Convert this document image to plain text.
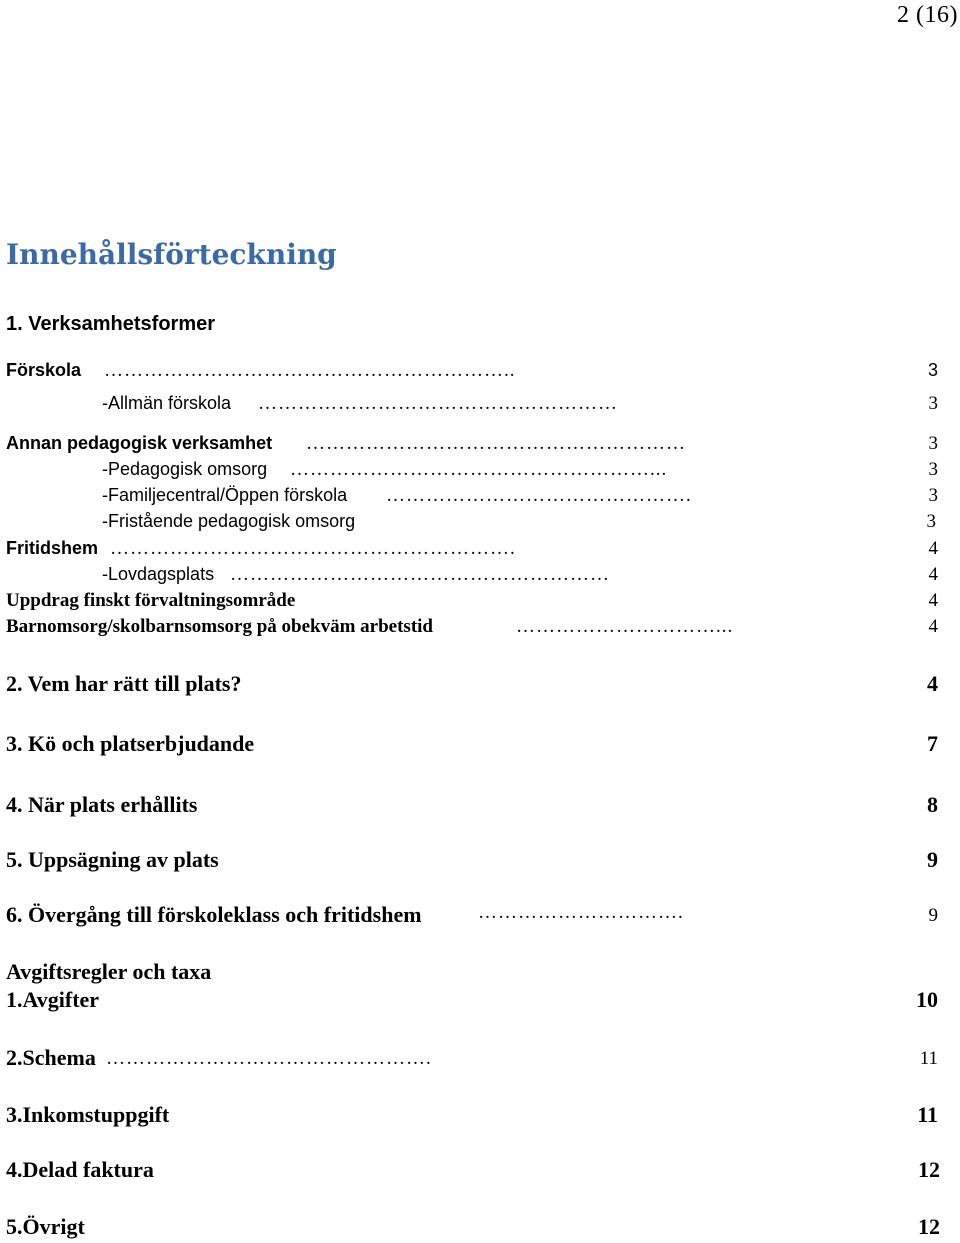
2 (16)
Innehållsförteckning
1. Verksamhetsformer
Förskola ……………………………………………………..	3
-Allmän förskola ………………………………………………	3
Annan pedagogisk verksamhet …………………………………………………	3
-Pedagogisk omsorg ………………………………………………...	3
-Familjecentral/Öppen förskola ……………………………………….	3
-Fristående pedagogisk omsorg	3
Fritidshem …………………………………………………….	4
-Lovdagsplats …………………………………………………	4
Uppdrag finskt förvaltningsområde	4
Barnomsorg/skolbarnsomsorg på obekväm arbetstid	…………………………...	4
2. Vem har rätt till plats?	4
3. Kö och platserbjudande	7
4. När plats erhållits	8
5. Uppsägning av plats	9
6. Övergång till förskoleklass och fritidshem	………………………….	9
Avgiftsregler och taxa
1.Avgifter	10
2.Schema ………………………………………….	11
3.Inkomstuppgift	11
4.Delad faktura	12
5.Övrigt	12
